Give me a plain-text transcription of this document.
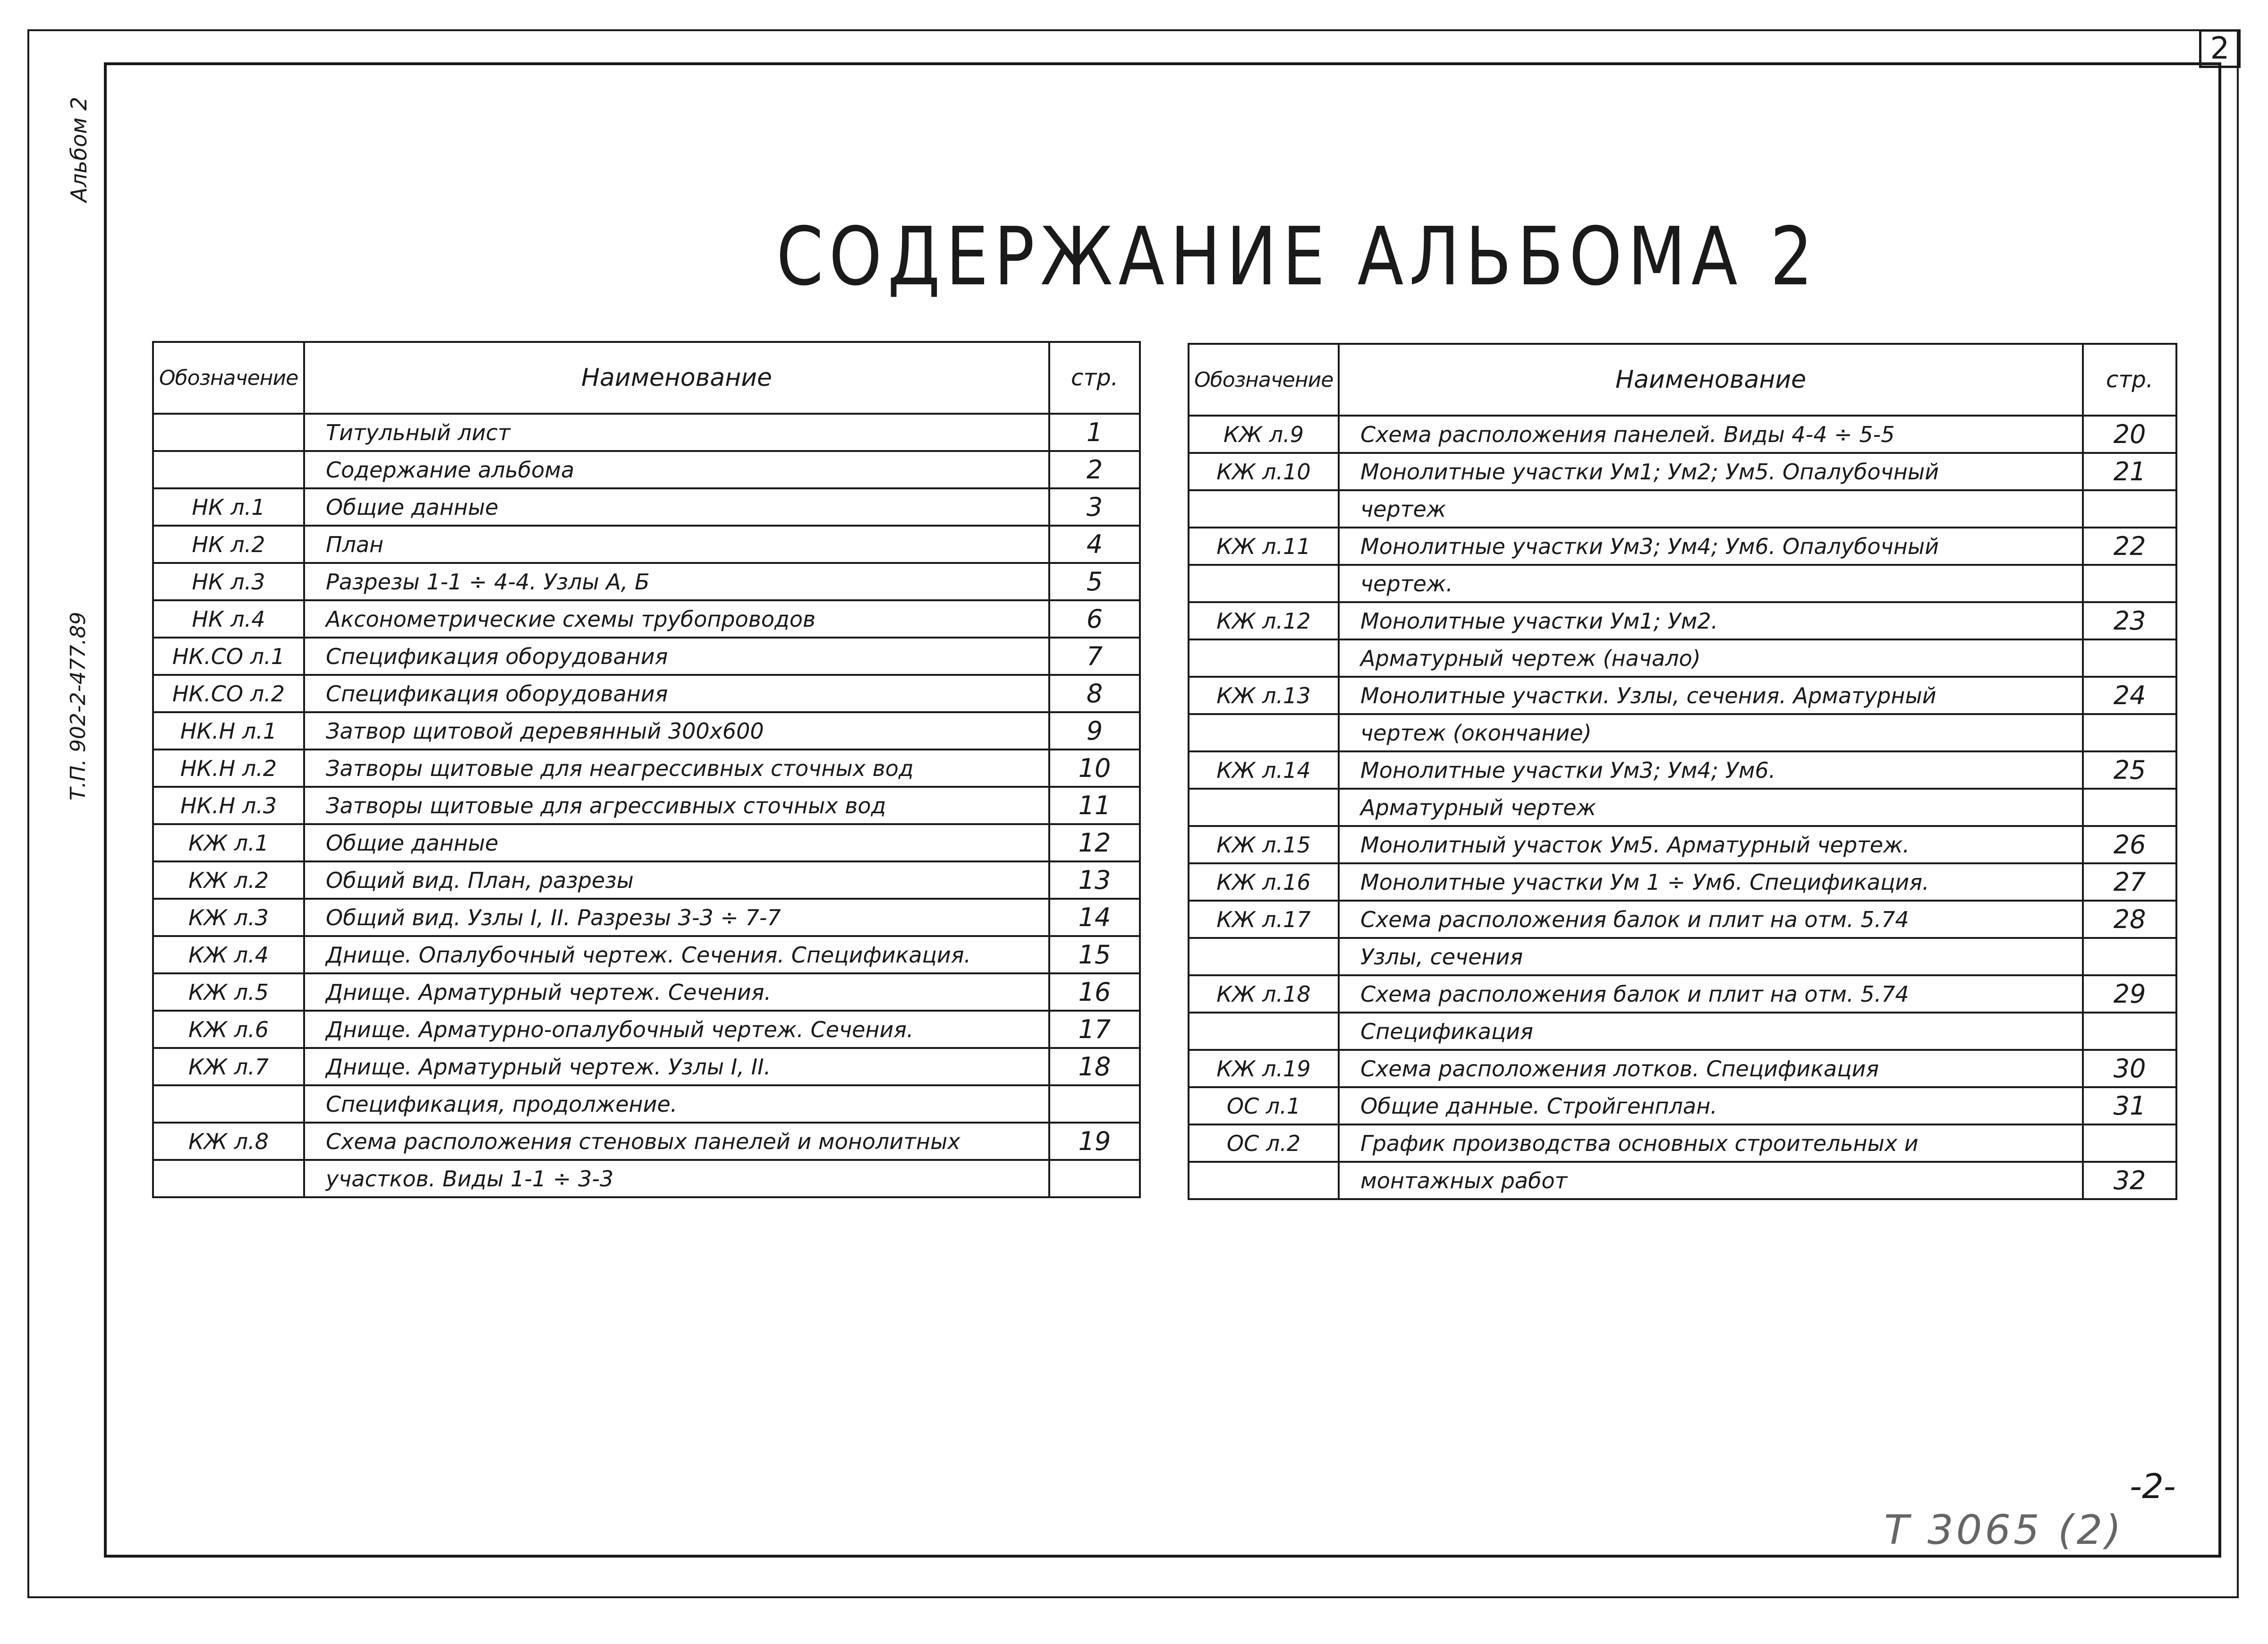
2
Альбом 2
Т.П. 902-2-477.89
СОДЕРЖАНИЕ АЛЬБОМА 2
Обозначение	Наименование	стр.
	Титульный лист	1
	Содержание альбома	2
НК л.1	Общие данные	3
НК л.2	План	4
НК л.3	Разрезы 1-1 ÷ 4-4. Узлы А, Б	5
НК л.4	Аксонометрические схемы трубопроводов	6
НК.СО л.1	Спецификация оборудования	7
НК.СО л.2	Спецификация оборудования	8
НК.Н л.1	Затвор щитовой деревянный 300х600	9
НК.Н л.2	Затворы щитовые для неагрессивных сточных вод	10
НК.Н л.3	Затворы щитовые для агрессивных сточных вод	11
КЖ л.1	Общие данные	12
КЖ л.2	Общий вид. План, разрезы	13
КЖ л.3	Общий вид. Узлы I, II. Разрезы 3-3 ÷ 7-7	14
КЖ л.4	Днище. Опалубочный чертеж. Сечения. Спецификация.	15
КЖ л.5	Днище. Арматурный чертеж. Сечения.	16
КЖ л.6	Днище. Арматурно-опалубочный чертеж. Сечения.	17
КЖ л.7	Днище. Арматурный чертеж. Узлы I, II.	18
	Спецификация, продолжение.	
КЖ л.8	Схема расположения стеновых панелей и монолитных	19
	участков. Виды 1-1 ÷ 3-3	
Обозначение	Наименование	стр.
КЖ л.9	Схема расположения панелей. Виды 4-4 ÷ 5-5	20
КЖ л.10	Монолитные участки Ум1; Ум2; Ум5. Опалубочный	21
	чертеж	
КЖ л.11	Монолитные участки Ум3; Ум4; Ум6. Опалубочный	22
	чертеж.	
КЖ л.12	Монолитные участки Ум1; Ум2.	23
	Арматурный чертеж (начало)	
КЖ л.13	Монолитные участки. Узлы, сечения. Арматурный	24
	чертеж (окончание)	
КЖ л.14	Монолитные участки Ум3; Ум4; Ум6.	25
	Арматурный чертеж	
КЖ л.15	Монолитный участок Ум5. Арматурный чертеж.	26
КЖ л.16	Монолитные участки Ум 1 ÷ Ум6. Спецификация.	27
КЖ л.17	Схема расположения балок и плит на отм. 5.74	28
	Узлы, сечения	
КЖ л.18	Схема расположения балок и плит на отм. 5.74	29
	Спецификация	
КЖ л.19	Схема расположения лотков. Спецификация	30
ОС л.1	Общие данные. Стройгенплан.	31
ОС л.2	График производства основных строительных и	
	монтажных работ	32
-2-
Т 3065 (2)
